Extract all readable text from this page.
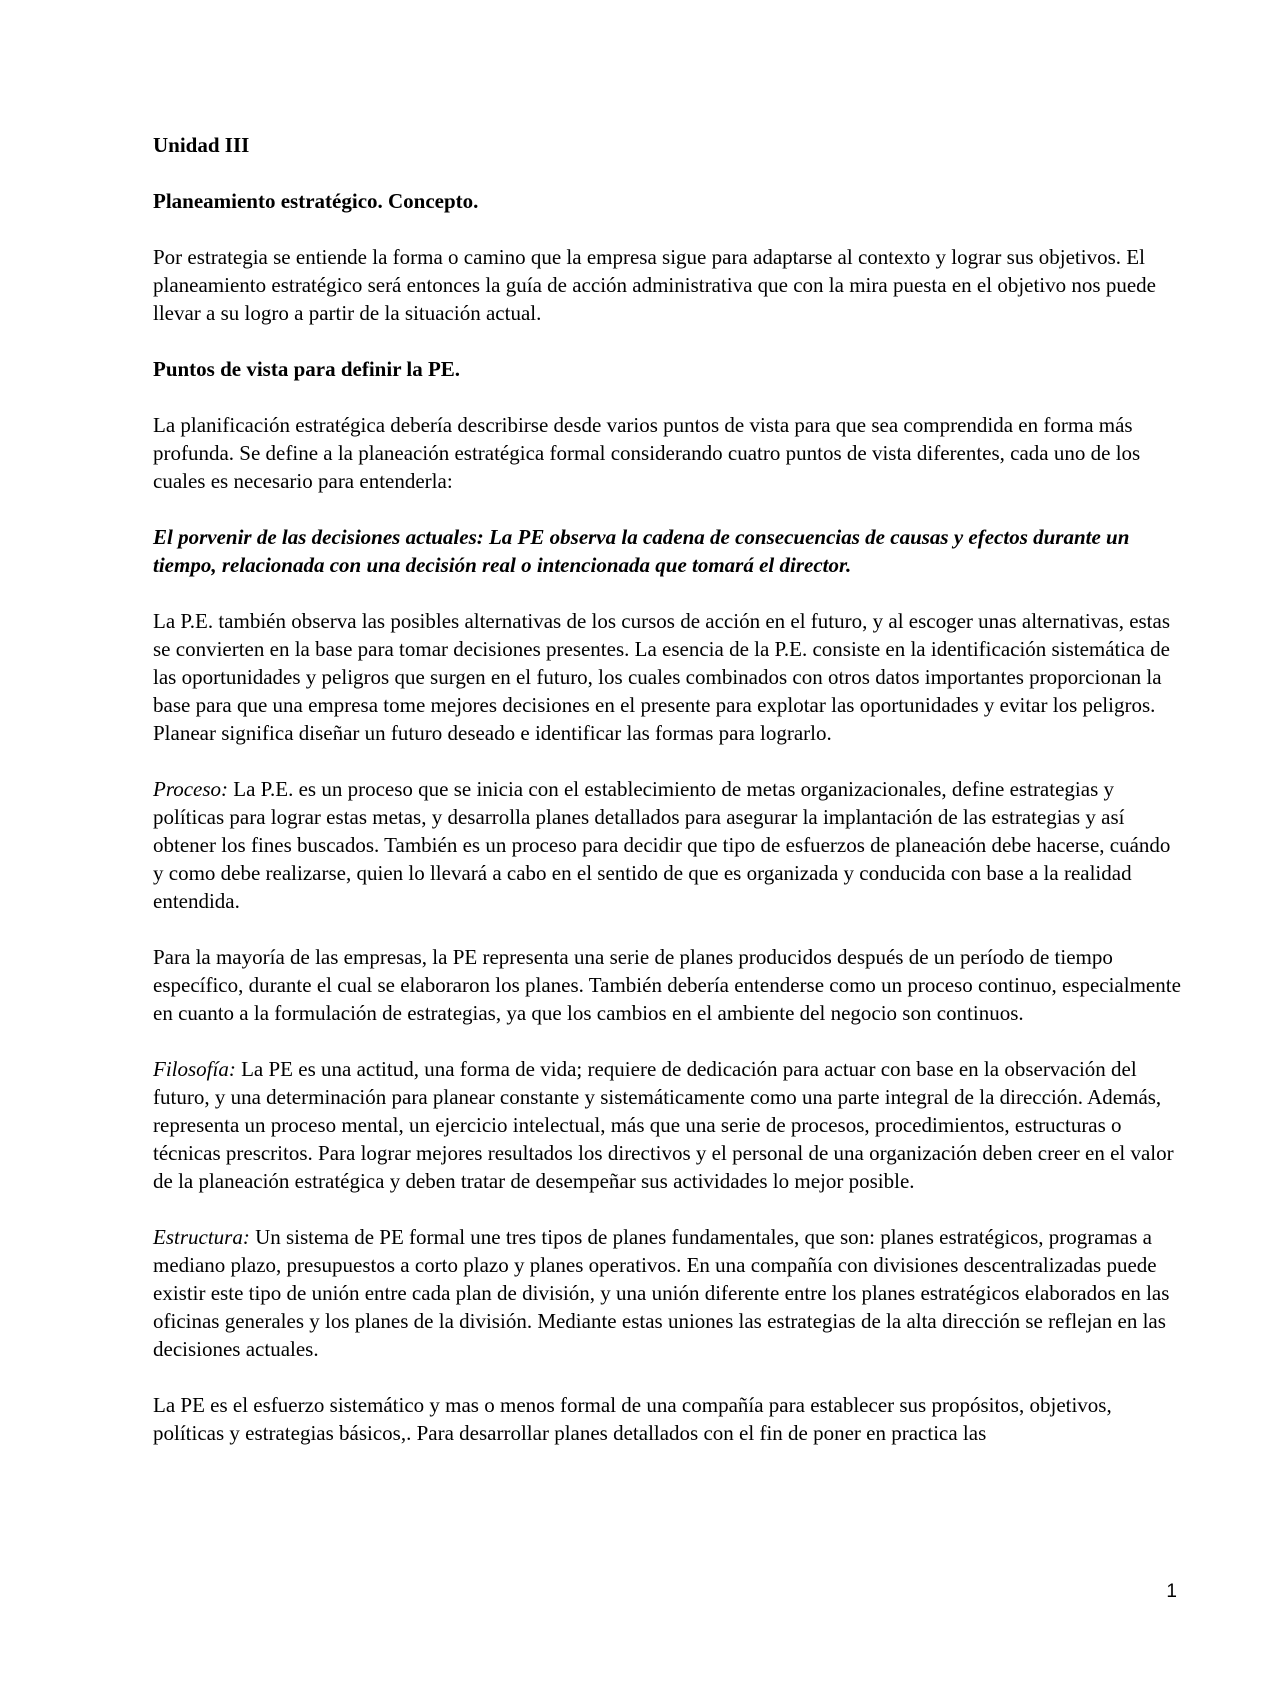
Unidad III

Planeamiento estratégico. Concepto.

Por estrategia se entiende la forma o camino que la empresa sigue para adaptarse al contexto y lograr sus objetivos. El planeamiento estratégico será entonces la guía de acción administrativa que con la mira puesta en el objetivo nos puede llevar a su logro a partir de la situación actual.

Puntos de vista para definir la PE.

La planificación estratégica debería describirse desde varios puntos de vista para que sea comprendida en forma más profunda. Se define a la planeación estratégica formal considerando cuatro puntos de vista diferentes, cada uno de los cuales es necesario para entenderla:

El porvenir de las decisiones actuales: La PE observa la cadena de consecuencias de causas y efectos durante un tiempo, relacionada con una decisión real o intencionada que tomará el director.

La P.E. también observa las posibles alternativas de los cursos de acción en el futuro, y al escoger unas alternativas, estas se convierten en la base para tomar decisiones presentes. La esencia de la P.E. consiste en la identificación sistemática de las oportunidades y peligros que surgen en el futuro, los cuales combinados con otros datos importantes proporcionan la base para que una empresa tome mejores decisiones en el presente para explotar las oportunidades y evitar los peligros. Planear significa diseñar un futuro deseado e identificar las formas para lograrlo.

Proceso: La P.E. es un proceso que se inicia con el establecimiento de metas organizacionales, define estrategias y políticas para lograr estas metas, y desarrolla planes detallados para asegurar la implantación de las estrategias y así obtener los fines buscados. También es un proceso para decidir que tipo de esfuerzos de planeación debe hacerse, cuándo y como debe realizarse, quien lo llevará a cabo en el sentido de que es organizada y conducida con base a la realidad entendida.

Para la mayoría de las empresas, la PE representa una serie de planes producidos después de un período de tiempo específico, durante el cual se elaboraron los planes. También debería entenderse como un proceso continuo, especialmente en cuanto a la formulación de estrategias, ya que los cambios en el ambiente del negocio son continuos.

Filosofía: La PE es una actitud, una forma de vida; requiere de dedicación para actuar con base en la observación del futuro, y una determinación para planear constante y sistemáticamente como una parte integral de la dirección. Además, representa un proceso mental, un ejercicio intelectual, más que una serie de procesos, procedimientos, estructuras o técnicas prescritos. Para lograr mejores resultados los directivos y el personal de una organización deben creer en el valor de la planeación estratégica y deben tratar de desempeñar sus actividades lo mejor posible.

Estructura: Un sistema de PE formal une tres tipos de planes fundamentales, que son: planes estratégicos, programas a mediano plazo, presupuestos a corto plazo y planes operativos. En una compañía con divisiones descentralizadas puede existir este tipo de unión entre cada plan de división, y una unión diferente entre los planes estratégicos elaborados en las oficinas generales y los planes de la división. Mediante estas uniones las estrategias de la alta dirección se reflejan en las decisiones actuales.

La PE es el esfuerzo sistemático y mas o menos formal de una compañía para establecer sus propósitos, objetivos, políticas y estrategias básicos,. Para desarrollar planes detallados con el fin de poner en practica las

1
